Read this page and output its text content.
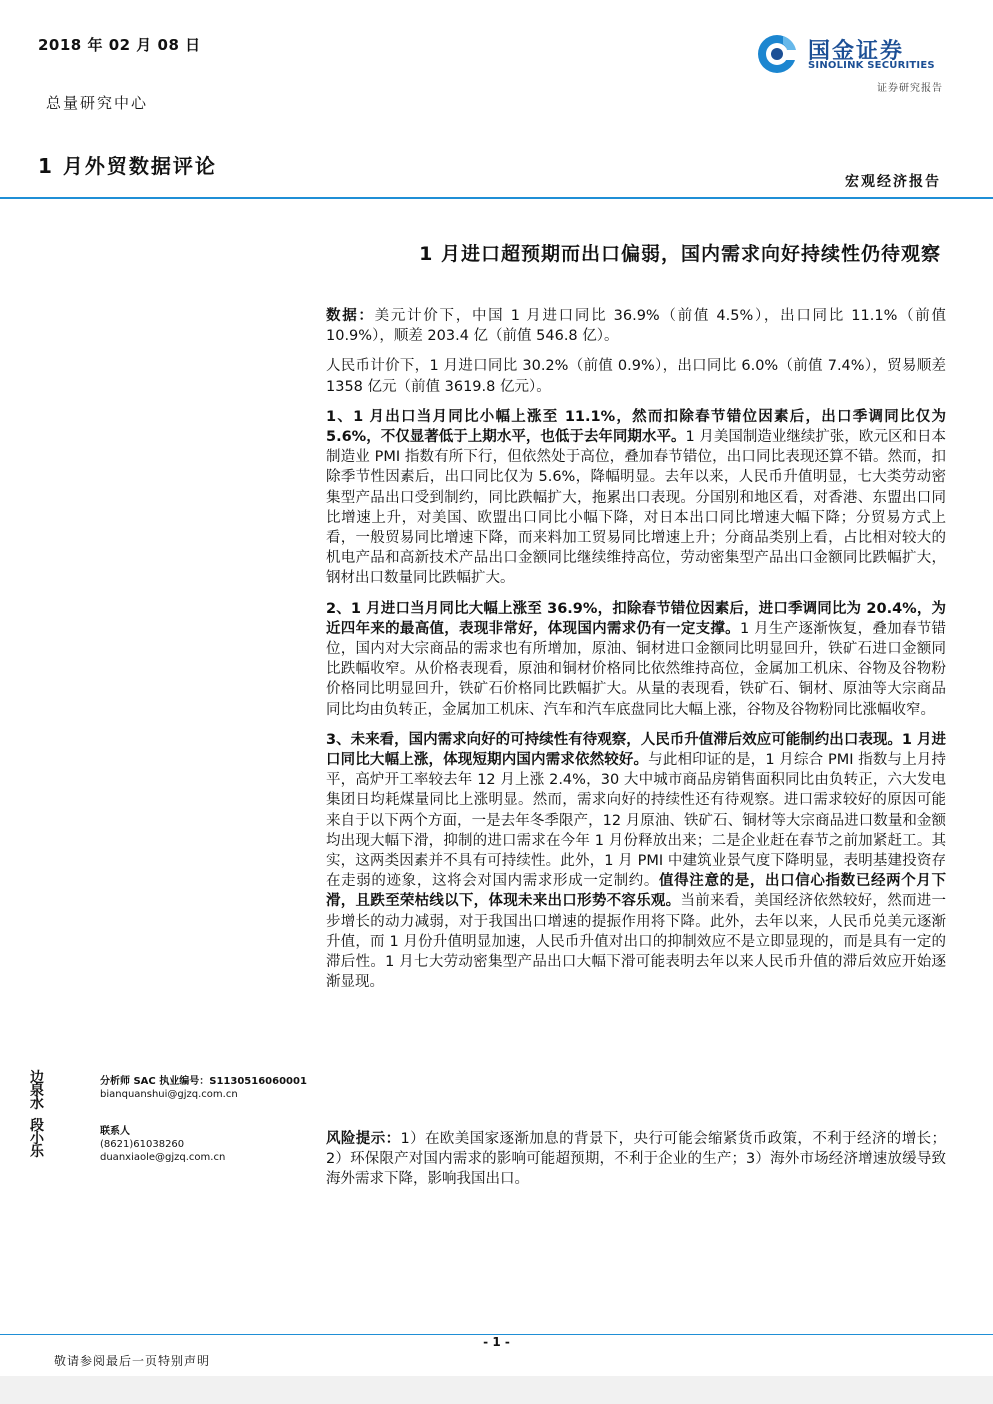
2018 年 02 月 08 日
总量研究中心
1 月外贸数据评论
宏观经济报告
国金证券
SINOLINK SECURITIES
证券研究报告
1 月进口超预期而出口偏弱，国内需求向好持续性仍待观察

数据：美元计价下，中国 1 月进口同比 36.9%（前值 4.5%），出口同比 11.1%（前值 10.9%），顺差 203.4 亿（前值 546.8 亿）。

人民币计价下，1 月进口同比 30.2%（前值 0.9%），出口同比 6.0%（前值 7.4%），贸易顺差 1358 亿元（前值 3619.8 亿元）。

1、1 月出口当月同比小幅上涨至 11.1%，然而扣除春节错位因素后，出口季调同比仅为 5.6%，不仅显著低于上期水平，也低于去年同期水平。1 月美国制造业继续扩张，欧元区和日本制造业 PMI 指数有所下行，但依然处于高位，叠加春节错位，出口同比表现还算不错。然而，扣除季节性因素后，出口同比仅为 5.6%，降幅明显。去年以来，人民币升值明显，七大类劳动密集型产品出口受到制约，同比跌幅扩大，拖累出口表现。分国别和地区看，对香港、东盟出口同比增速上升，对美国、欧盟出口同比小幅下降，对日本出口同比增速大幅下降；分贸易方式上看，一般贸易同比增速下降，而来料加工贸易同比增速上升；分商品类别上看，占比相对较大的机电产品和高新技术产品出口金额同比继续维持高位，劳动密集型产品出口金额同比跌幅扩大，钢材出口数量同比跌幅扩大。

2、1 月进口当月同比大幅上涨至 36.9%，扣除春节错位因素后，进口季调同比为 20.4%，为近四年来的最高值，表现非常好，体现国内需求仍有一定支撑。1 月生产逐渐恢复，叠加春节错位，国内对大宗商品的需求也有所增加，原油、铜材进口金额同比明显回升，铁矿石进口金额同比跌幅收窄。从价格表现看，原油和铜材价格同比依然维持高位，金属加工机床、谷物及谷物粉价格同比明显回升，铁矿石价格同比跌幅扩大。从量的表现看，铁矿石、铜材、原油等大宗商品同比均由负转正，金属加工机床、汽车和汽车底盘同比大幅上涨，谷物及谷物粉同比涨幅收窄。

3、未来看，国内需求向好的可持续性有待观察，人民币升值滞后效应可能制约出口表现。1 月进口同比大幅上涨，体现短期内国内需求依然较好。与此相印证的是，1 月综合 PMI 指数与上月持平，高炉开工率较去年 12 月上涨 2.4%，30 大中城市商品房销售面积同比由负转正，六大发电集团日均耗煤量同比上涨明显。然而，需求向好的持续性还有待观察。进口需求较好的原因可能来自于以下两个方面，一是去年冬季限产，12 月原油、铁矿石、铜材等大宗商品进口数量和金额均出现大幅下滑，抑制的进口需求在今年 1 月份释放出来；二是企业赶在春节之前加紧赶工。其实，这两类因素并不具有可持续性。此外，1 月 PMI 中建筑业景气度下降明显，表明基建投资存在走弱的迹象，这将会对国内需求形成一定制约。值得注意的是，出口信心指数已经两个月下滑，且跌至荣枯线以下，体现未来出口形势不容乐观。当前来看，美国经济依然较好，然而进一步增长的动力减弱，对于我国出口增速的提振作用将下降。此外，去年以来，人民币兑美元逐渐升值，而 1 月份升值明显加速，人民币升值对出口的抑制效应不是立即显现的，而是具有一定的滞后性。1 月七大劳动密集型产品出口大幅下滑可能表明去年以来人民币升值的滞后效应开始逐渐显现。

边泉水
分析师 SAC 执业编号：S1130516060001
bianquanshui@gjzq.com.cn
段小乐
联系人
(8621)61038260
duanxiaole@gjzq.com.cn
风险提示：1）在欧美国家逐渐加息的背景下，央行可能会缩紧货币政策，不利于经济的增长；2）环保限产对国内需求的影响可能超预期，不利于企业的生产；3）海外市场经济增速放缓导致海外需求下降，影响我国出口。
- 1 -
敬请参阅最后一页特别声明
